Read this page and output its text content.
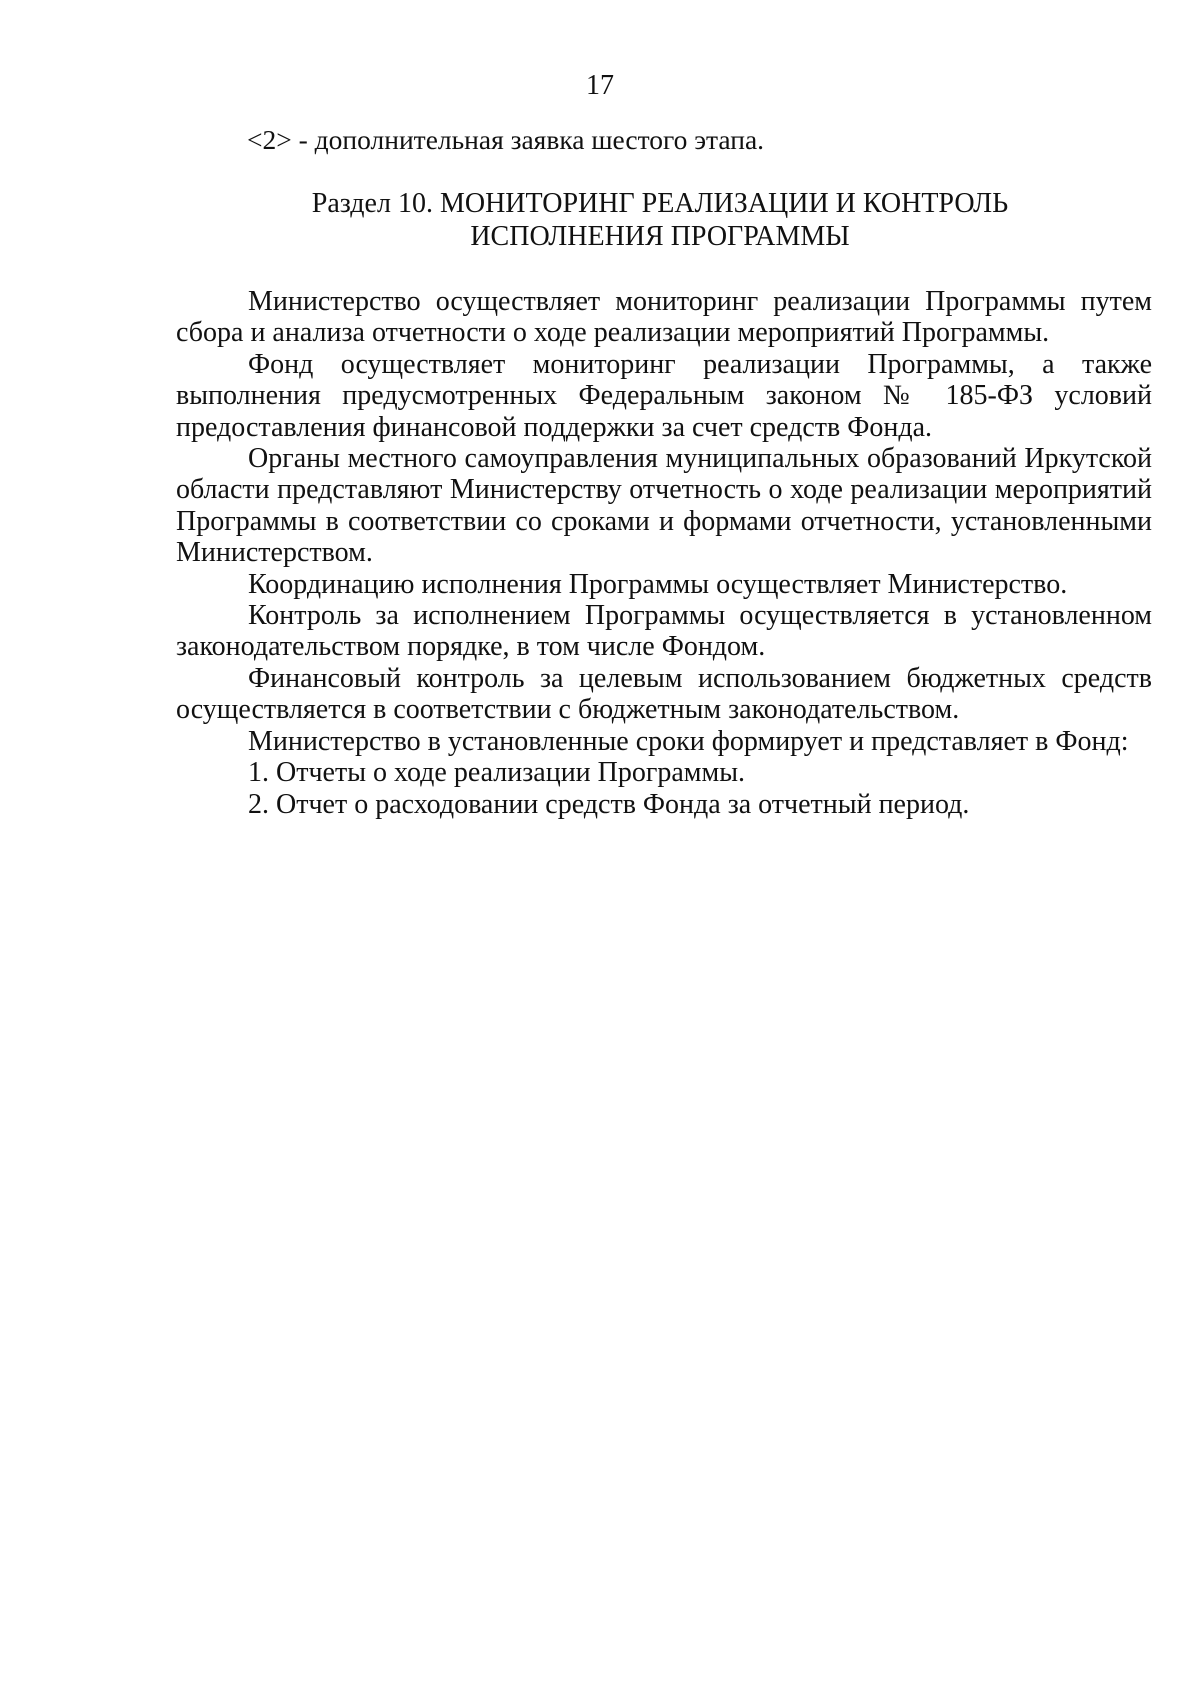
17
<2> - дополнительная заявка шестого этапа.
Раздел 10. МОНИТОРИНГ РЕАЛИЗАЦИИ И КОНТРОЛЬ
ИСПОЛНЕНИЯ ПРОГРАММЫ

Министерство осуществляет мониторинг реализации Программы путем сбора и анализа отчетности о ходе реализации мероприятий Программы.

Фонд осуществляет мониторинг реализации Программы, а также выполнения предусмотренных Федеральным законом № 185-ФЗ условий предоставления финансовой поддержки за счет средств Фонда.

Органы местного самоуправления муниципальных образований Иркутской области представляют Министерству отчетность о ходе реализации мероприятий Программы в соответствии со сроками и формами отчетности, установленными Министерством.

Координацию исполнения Программы осуществляет Министерство.

Контроль за исполнением Программы осуществляется в установленном законодательством порядке, в том числе Фондом.

Финансовый контроль за целевым использованием бюджетных средств осуществляется в соответствии с бюджетным законодательством.

Министерство в установленные сроки формирует и представляет в Фонд:

1. Отчеты о ходе реализации Программы.
2. Отчет о расходовании средств Фонда за отчетный период.
